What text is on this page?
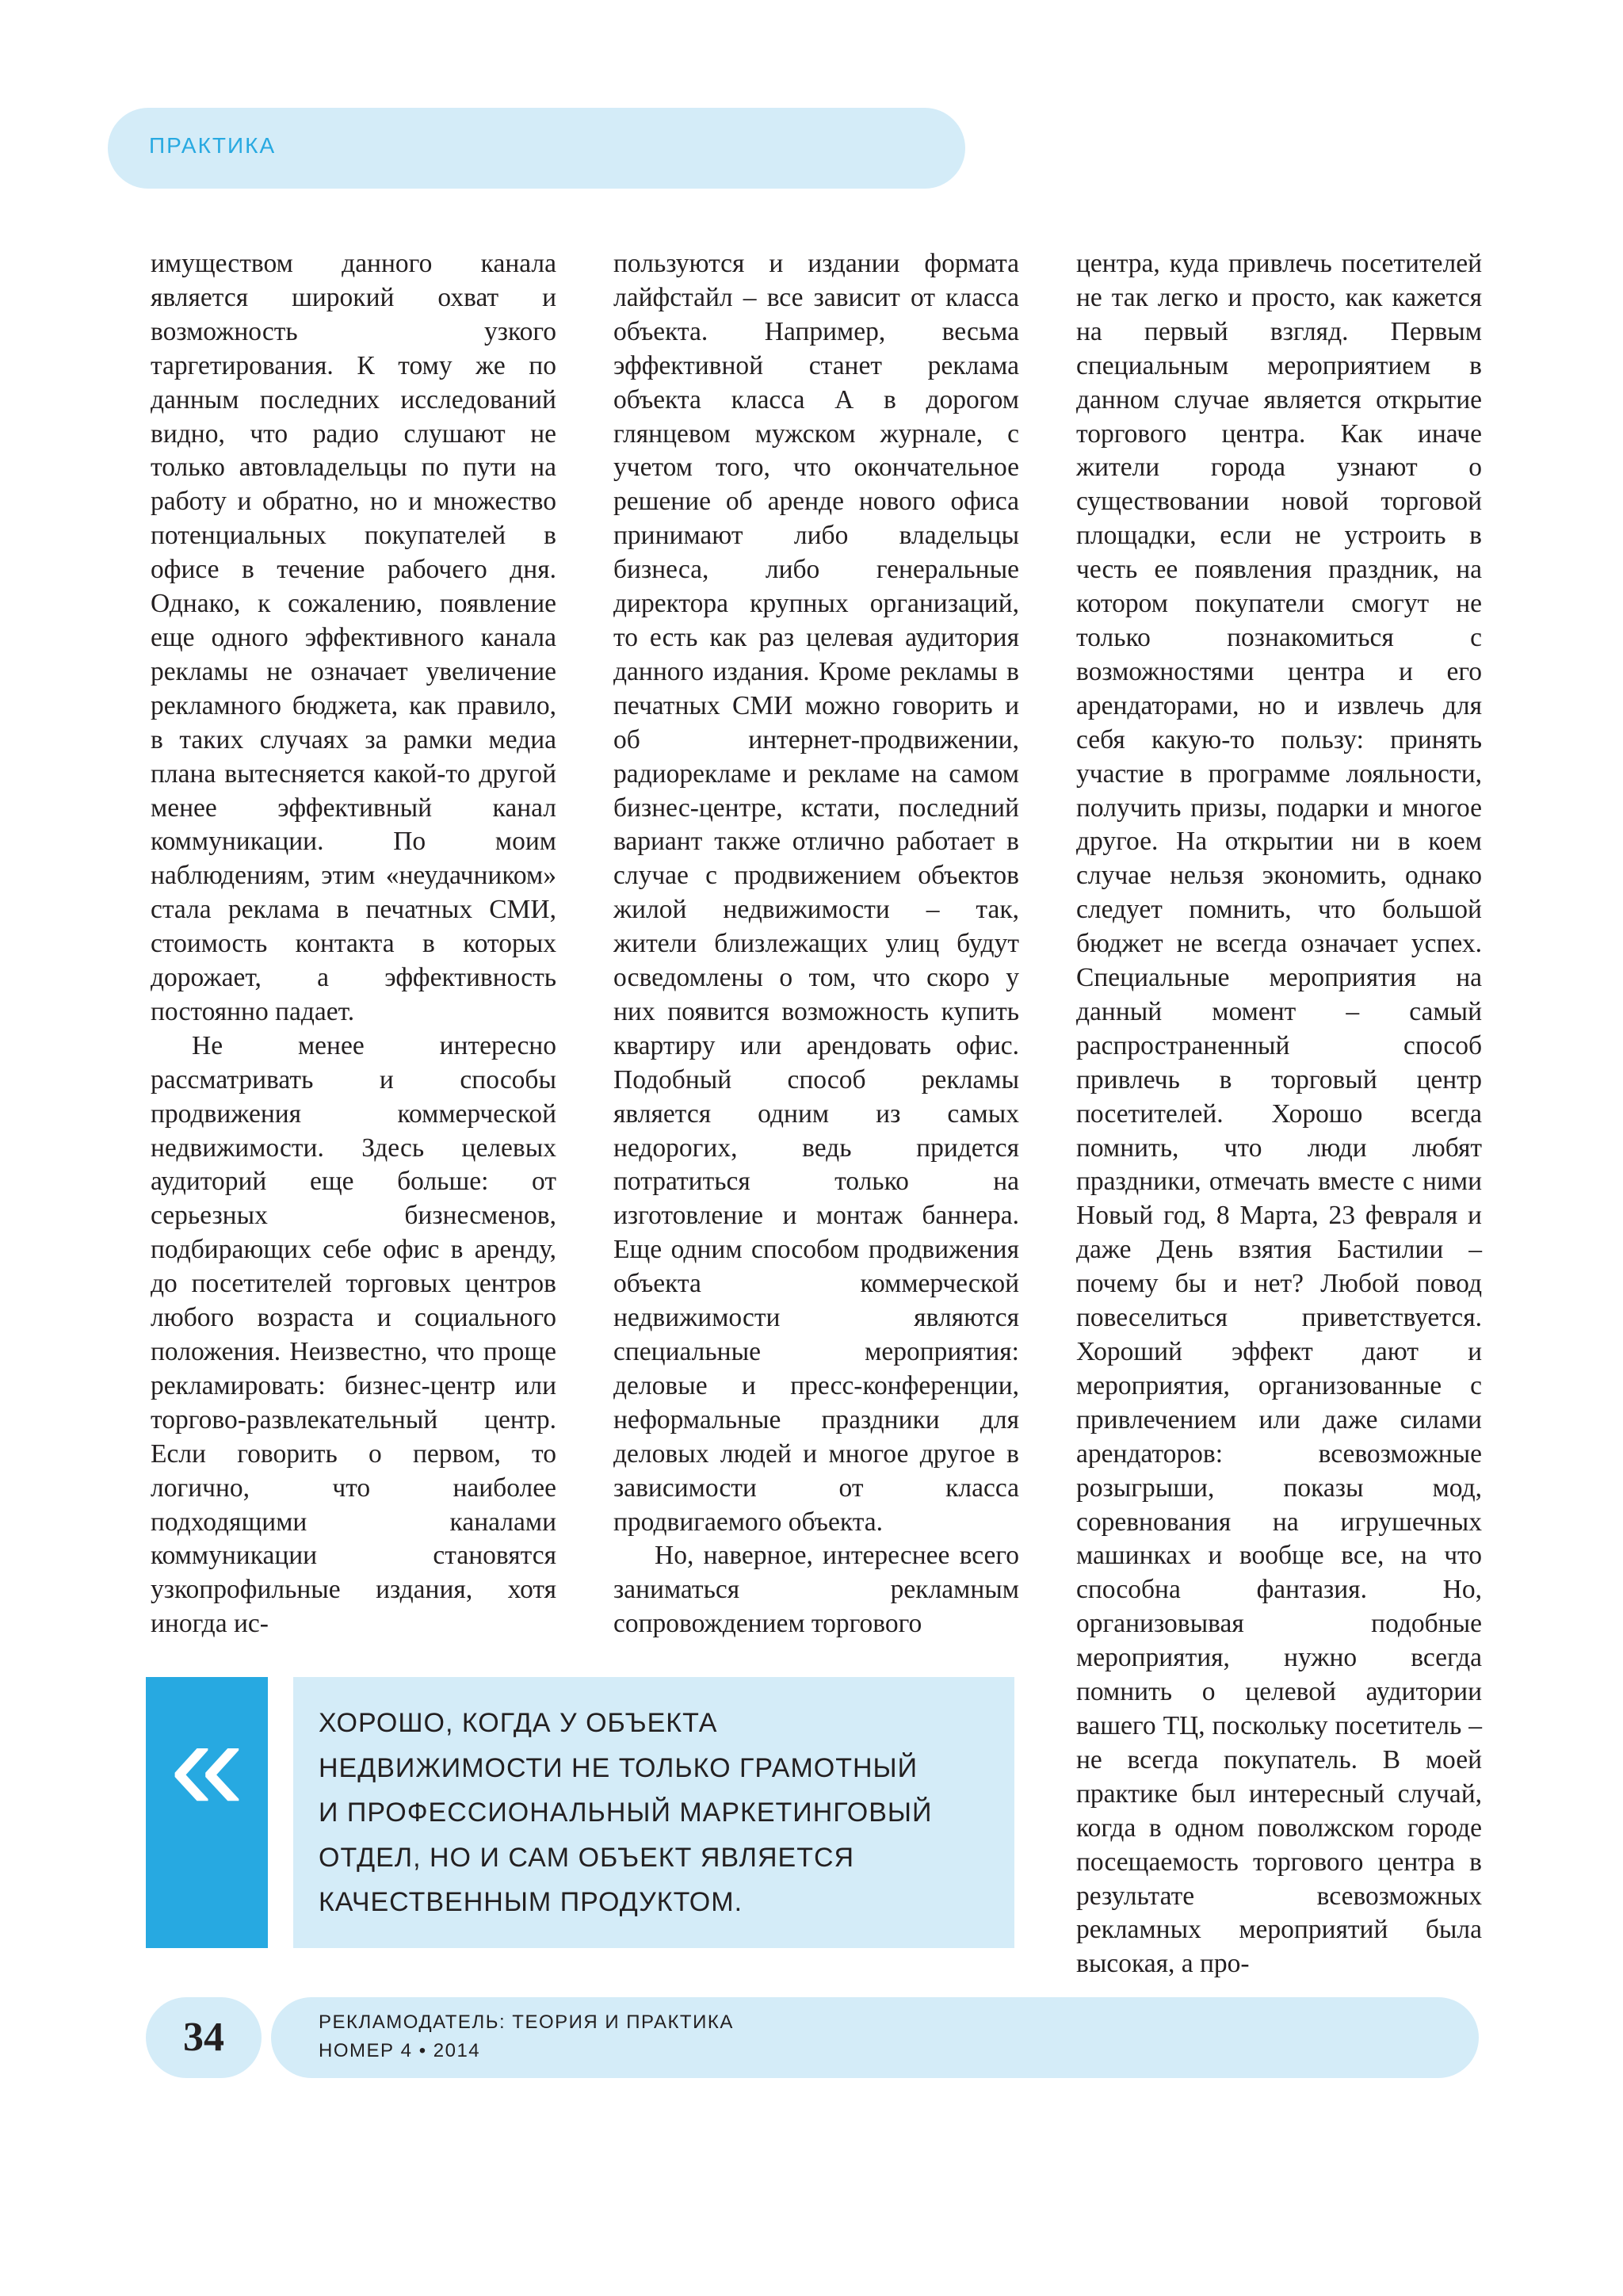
ПРАКТИКА

имуществом данного канала является широкий охват и возможность узкого таргетирования. К тому же по данным последних исследований видно, что радио слушают не только автовладельцы по пути на работу и обратно, но и множество потенциальных покупателей в офисе в течение рабочего дня. Однако, к сожалению, появление еще одного эффективного канала рекламы не означает увеличение рекламного бюджета, как правило, в таких случаях за рамки медиа плана вытесняется какой-то другой менее эффективный канал коммуникации. По моим наблюдениям, этим «неудачником» стала реклама в печатных СМИ, стоимость контакта в которых дорожает, а эффективность постоянно падает.

Не менее интересно рассматривать и способы продвижения коммерческой недвижимости. Здесь целевых аудиторий еще больше: от серьезных бизнесменов, подбирающих себе офис в аренду, до посетителей торговых центров любого возраста и социального положения. Неизвестно, что проще рекламировать: бизнес-центр или торгово-развлекательный центр. Если говорить о первом, то логично, что наиболее подходящими каналами коммуникации становятся узкопрофильные издания, хотя иногда ис-

пользуются и издании формата лайфстайл – все зависит от класса объекта. Например, весьма эффективной станет реклама объекта класса А в дорогом глянцевом мужском журнале, с учетом того, что окончательное решение об аренде нового офиса принимают либо владельцы бизнеса, либо генеральные директора крупных организаций, то есть как раз целевая аудитория данного издания. Кроме рекламы в печатных СМИ можно говорить и об интернет-продвижении, радиорекламе и рекламе на самом бизнес-центре, кстати, последний вариант также отлично работает в случае с продвижением объектов жилой недвижимости – так, жители близлежащих улиц будут осведомлены о том, что скоро у них появится возможность купить квартиру или арендовать офис. Подобный способ рекламы является одним из самых недорогих, ведь придется потратиться только на изготовление и монтаж баннера. Еще одним способом продвижения объекта коммерческой недвижимости являются специальные мероприятия: деловые и пресс-конференции, неформальные праздники для деловых людей и многое другое в зависимости от класса продвигаемого объекта.

Но, наверное, интереснее всего заниматься рекламным сопровождением торгового

центра, куда привлечь посетителей не так легко и просто, как кажется на первый взгляд. Первым специальным мероприятием в данном случае является открытие торгового центра. Как иначе жители города узнают о существовании новой торговой площадки, если не устроить в честь ее появления праздник, на котором покупатели смогут не только познакомиться с возможностями центра и его арендаторами, но и извлечь для себя какую-то пользу: принять участие в программе лояльности, получить призы, подарки и многое другое. На открытии ни в коем случае нельзя экономить, однако следует помнить, что большой бюджет не всегда означает успех. Специальные мероприятия на данный момент – самый распространенный способ привлечь в торговый центр посетителей. Хорошо всегда помнить, что люди любят праздники, отмечать вместе с ними Новый год, 8 Марта, 23 февраля и даже День взятия Бастилии – почему бы и нет? Любой повод повеселиться приветствуется. Хороший эффект дают и мероприятия, организованные с привлечением или даже силами арендаторов: всевозможные розыгрыши, показы мод, соревнования на игрушечных машинках и вообще все, на что способна фантазия. Но, организовывая подобные мероприятия, нужно всегда помнить о целевой аудитории вашего ТЦ, поскольку посетитель – не всегда покупатель. В моей практике был интересный случай, когда в одном поволжском городе посещаемость торгового центра в результате всевозможных рекламных мероприятий была высокая, а про-

«	ХОРОШО, КОГДА У ОБЪЕКТА
НЕДВИЖИМОСТИ НЕ ТОЛЬКО ГРАМОТНЫЙ
И ПРОФЕССИОНАЛЬНЫЙ МАРКЕТИНГОВЫЙ
ОТДЕЛ, НО И САМ ОБЪЕКТ ЯВЛЯЕТСЯ
КАЧЕСТВЕННЫМ ПРОДУКТОМ.
34	РЕКЛАМОДАТЕЛЬ: ТЕОРИЯ И ПРАКТИКА
НОМЕР 4 • 2014
